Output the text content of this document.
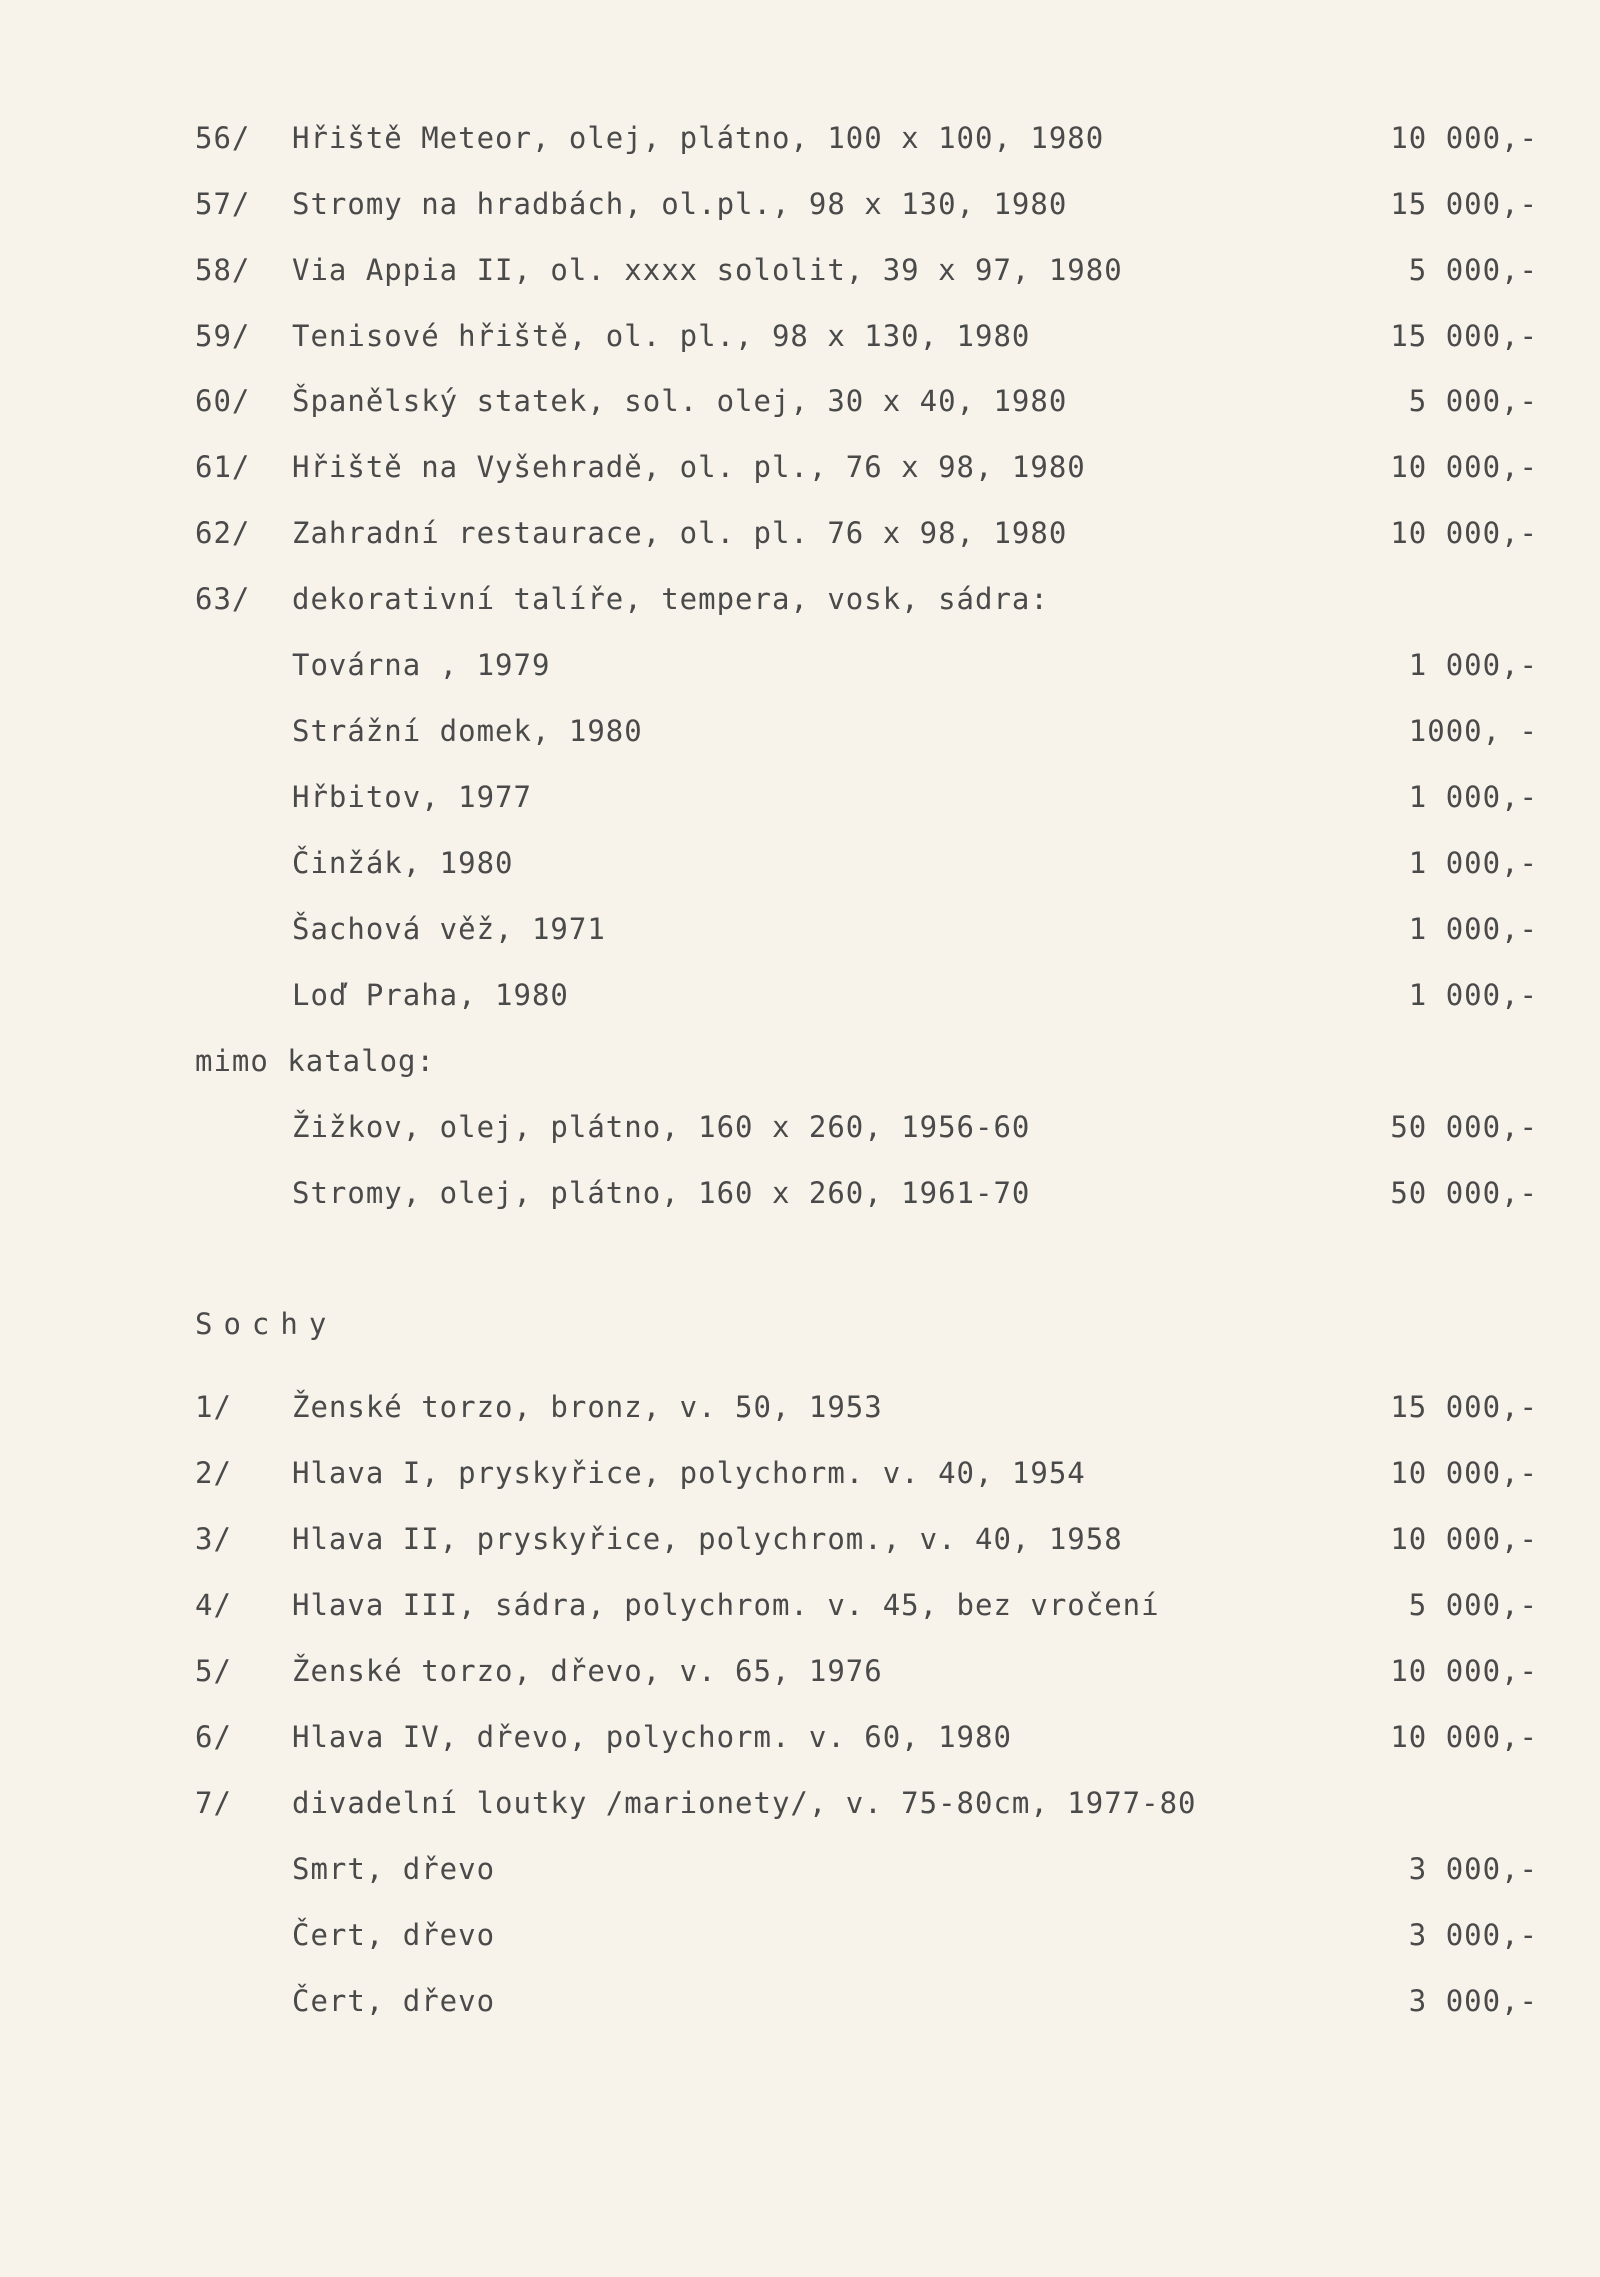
56/ Hřiště Meteor, olej, plátno, 100 x 100, 1980	10 000,-
57/ Stromy na hradbách, ol.pl., 98 x 130, 1980	15 000,-
58/ Via Appia II, ol. xxxx sololit, 39 x 97, 1980	5 000,-
59/ Tenisové hřiště, ol. pl., 98 x 130, 1980	15 000,-
60/ Španělský statek, sol. olej, 30 x 40, 1980	5 000,-
61/ Hřiště na Vyšehradě, ol. pl., 76 x 98, 1980	10 000,-
62/ Zahradní restaurace, ol. pl. 76 x 98, 1980	10 000,-
63/ dekorativní talíře, tempera, vosk, sádra:
Továrna , 1979	1 000,-
Strážní domek, 1980	1000, -
Hřbitov, 1977	1 000,-
Činžák, 1980	1 000,-
Šachová věž, 1971	1 000,-
Loď Praha, 1980	1 000,-
mimo katalog:
Žižkov, olej, plátno, 160 x 260, 1956-60	50 000,-
Stromy, olej, plátno, 160 x 260, 1961-70	50 000,-
Sochy
1/ Ženské torzo, bronz, v. 50, 1953	15 000,-
2/ Hlava I, pryskyřice, polychorm. v. 40, 1954	10 000,-
3/ Hlava II, pryskyřice, polychrom., v. 40, 1958	10 000,-
4/ Hlava III, sádra, polychrom. v. 45, bez vročení	5 000,-
5/ Ženské torzo, dřevo, v. 65, 1976	10 000,-
6/ Hlava IV, dřevo, polychorm. v. 60, 1980	10 000,-
7/ divadelní loutky /marionety/, v. 75-80cm, 1977-80
Smrt, dřevo	3 000,-
Čert, dřevo	3 000,-
Čert, dřevo	3 000,-
